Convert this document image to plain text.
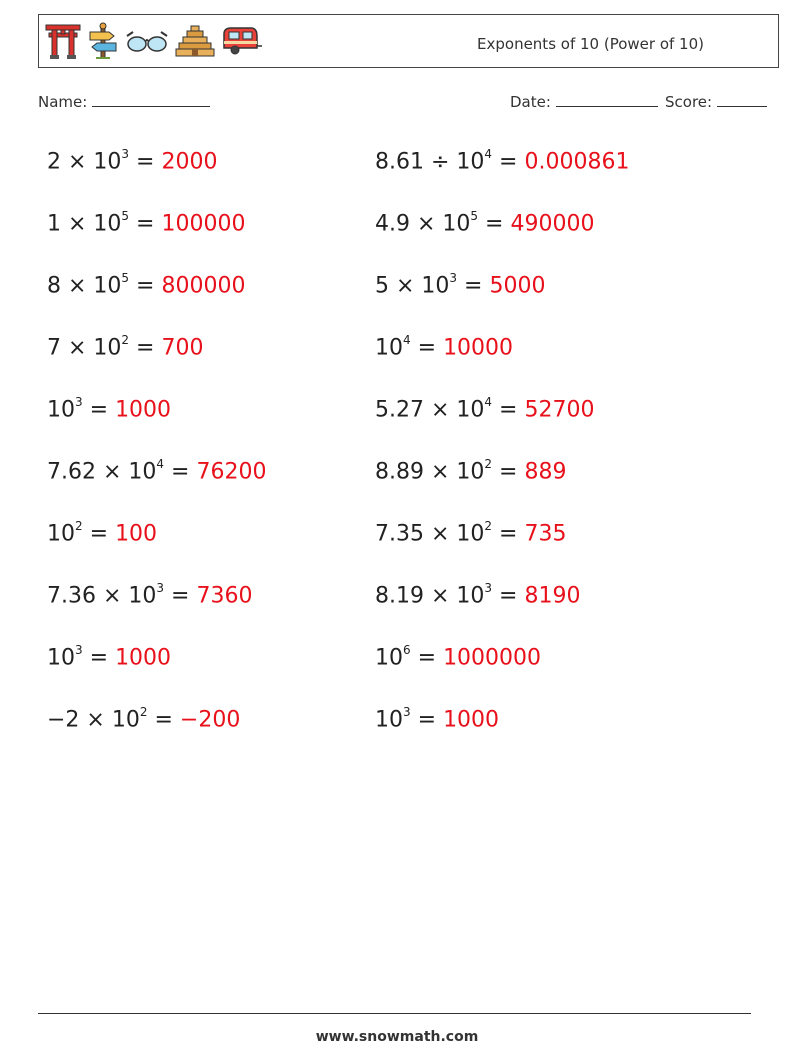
Exponents of 10 (Power of 10)
Name:	Date:	Score:
$2 \times 10^3 = 2000$
$1 \times 10^5 = 100000$
$8 \times 10^5 = 800000$
$7 \times 10^2 = 700$
$10^3 = 1000$
$7.62 \times 10^4 = 76200$
$10^2 = 100$
$7.36 \times 10^3 = 7360$
$10^3 = 1000$
$-2 \times 10^2 = -200$
$8.61 \div 10^4 = 0.000861$
$4.9 \times 10^5 = 490000$
$5 \times 10^3 = 5000$
$10^4 = 10000$
$5.27 \times 10^4 = 52700$
$8.89 \times 10^2 = 889$
$7.35 \times 10^2 = 735$
$8.19 \times 10^3 = 8190$
$10^6 = 1000000$
$10^3 = 1000$
www.snowmath.com
